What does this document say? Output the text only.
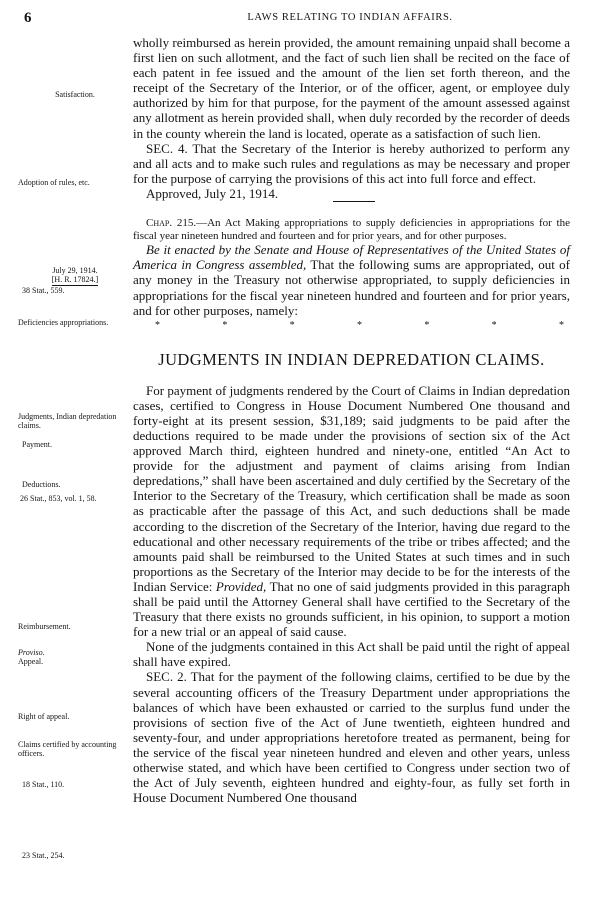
6	LAWS RELATING TO INDIAN AFFAIRS.
Satisfaction.
Adoption of rules, etc.
July 29, 1914.
[H. R. 17824.]
38 Stat., 559.
Deficiencies appropriations.
Judgments, Indian depredation claims.
Payment.
Deductions.
26 Stat., 853, vol. 1, 58.
Reimbursement.
Proviso.
Appeal.
Right of appeal.
Claims certified by accounting officers.
18 Stat., 110.
23 Stat., 254.

wholly reimbursed as herein provided, the amount remaining unpaid shall become a first lien on such allotment, and the fact of such lien shall be recited on the face of each patent in fee issued and the amount of the lien set forth thereon, and the receipt of the Secretary of the Interior, or of the officer, agent, or employee duly authorized by him for that purpose, for the payment of the amount assessed against any allotment as herein provided shall, when duly recorded by the recorder of deeds in the county wherein the land is located, operate as a satisfaction of such lien.

SEC. 4. That the Secretary of the Interior is hereby authorized to perform any and all acts and to make such rules and regulations as may be necessary and proper for the purpose of carrying the provisions of this act into full force and effect.

Approved, July 21, 1914.

Chap. 215.—An Act Making appropriations to supply deficiencies in appropriations for the fiscal year nineteen hundred and fourteen and for prior years, and for other purposes.

Be it enacted by the Senate and House of Representatives of the United States of America in Congress assembled, That the following sums are appropriated, out of any money in the Treasury not otherwise appropriated, to supply deficiencies in appropriations for the fiscal year nineteen hundred and fourteen and for prior years, and for other purposes, namely:

*	*	*	*	*	*	*
JUDGMENTS IN INDIAN DEPREDATION CLAIMS.

For payment of judgments rendered by the Court of Claims in Indian depredation cases, certified to Congress in House Document Numbered One thousand and forty-eight at its present session, $31,189; said judgments to be paid after the deductions required to be made under the provisions of section six of the Act approved March third, eighteen hundred and ninety-one, entitled “An Act to provide for the adjustment and payment of claims arising from Indian depredations,” shall have been ascertained and duly certified by the Secretary of the Interior to the Secretary of the Treasury, which certification shall be made as soon as practicable after the passage of this Act, and such deductions shall be made according to the discretion of the Secretary of the Interior, having due regard to the educational and other necessary requirements of the tribe or tribes affected; and the amounts paid shall be reimbursed to the United States at such times and in such proportions as the Secretary of the Interior may decide to be for the interests of the Indian Service: Provided, That no one of said judgments provided in this paragraph shall be paid until the Attorney General shall have certified to the Secretary of the Treasury that there exists no grounds sufficient, in his opinion, to support a motion for a new trial or an appeal of said cause.

None of the judgments contained in this Act shall be paid until the right of appeal shall have expired.

SEC. 2. That for the payment of the following claims, certified to be due by the several accounting officers of the Treasury Department under appropriations the balances of which have been exhausted or carried to the surplus fund under the provisions of section five of the Act of June twentieth, eighteen hundred and seventy-four, and under appropriations heretofore treated as permanent, being for the service of the fiscal year nineteen hundred and eleven and other years, unless otherwise stated, and which have been certified to Congress under section two of the Act of July seventh, eighteen hundred and eighty-four, as fully set forth in House Document Numbered One thousand
